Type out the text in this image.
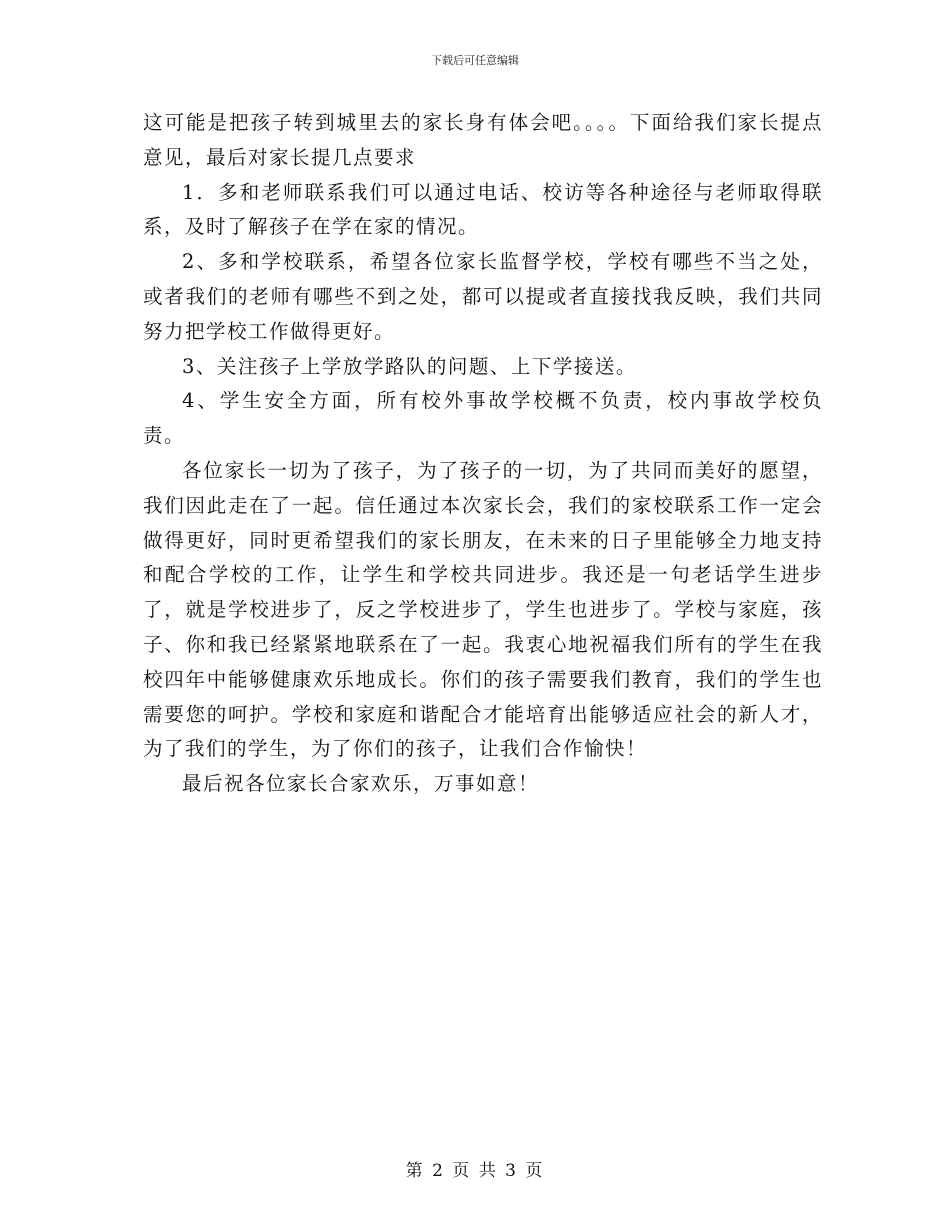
下载后可任意编辑

这可能是把孩子转到城里去的家长身有体会吧。。。。下面给我们家长提点意见，最后对家长提几点要求

1．多和老师联系我们可以通过电话、校访等各种途径与老师取得联系，及时了解孩子在学在家的情况。

2、多和学校联系，希望各位家长监督学校，学校有哪些不当之处，或者我们的老师有哪些不到之处，都可以提或者直接找我反映，我们共同努力把学校工作做得更好。

3、关注孩子上学放学路队的问题、上下学接送。

4、学生安全方面，所有校外事故学校概不负责，校内事故学校负责。

各位家长一切为了孩子，为了孩子的一切，为了共同而美好的愿望，我们因此走在了一起。信任通过本次家长会，我们的家校联系工作一定会做得更好，同时更希望我们的家长朋友，在未来的日子里能够全力地支持和配合学校的工作，让学生和学校共同进步。我还是一句老话学生进步了，就是学校进步了，反之学校进步了，学生也进步了。学校与家庭，孩子、你和我已经紧紧地联系在了一起。我衷心地祝福我们所有的学生在我校四年中能够健康欢乐地成长。你们的孩子需要我们教育，我们的学生也需要您的呵护。学校和家庭和谐配合才能培育出能够适应社会的新人才，为了我们的学生，为了你们的孩子，让我们合作愉快！

最后祝各位家长合家欢乐，万事如意！

第 2 页 共 3 页
